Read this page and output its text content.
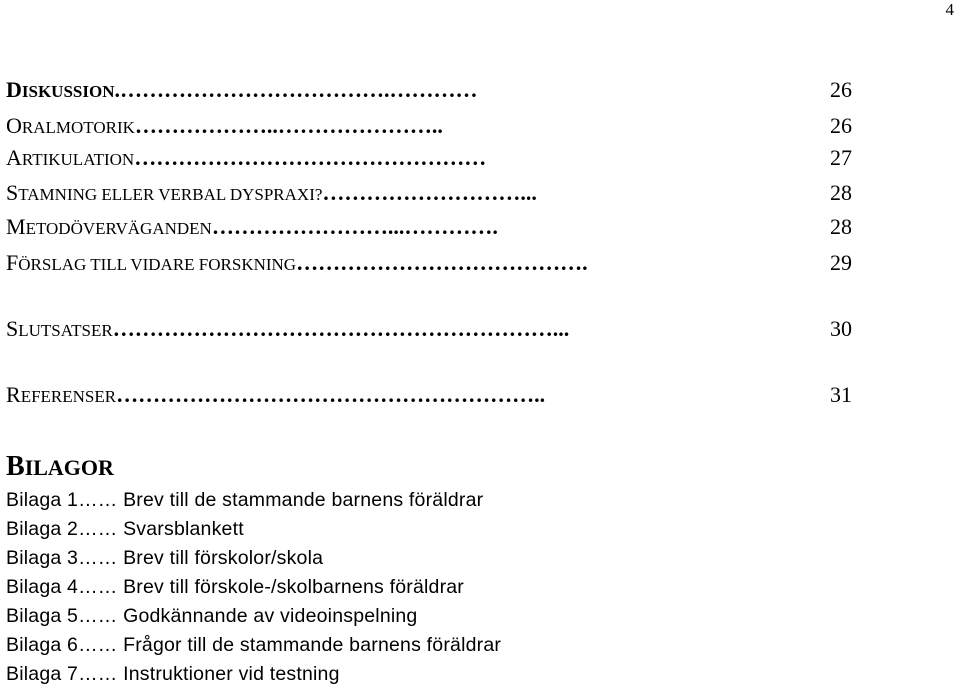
4
DISKUSSION.……………………………….…………	26
ORALMOTORIK………………..…………………..	26
ARTIKULATION…………………………………………	27
STAMNING ELLER VERBAL DYSPRAXI?………………………...	28
METODÖVERVÄGANDEN……………………...………….	28
FÖRSLAG TILL VIDARE FORSKNING………………………………….	29
SLUTSATSER……………………………………………………...	30
REFERENSER…………………………………………………..	31
BILAGOR
Bilaga 1…… Brev till de stammande barnens föräldrar
Bilaga 2…… Svarsblankett
Bilaga 3…… Brev till förskolor/skola
Bilaga 4…… Brev till förskole-/skolbarnens föräldrar
Bilaga 5…… Godkännande av videoinspelning
Bilaga 6…… Frågor till de stammande barnens föräldrar
Bilaga 7…… Instruktioner vid testning
